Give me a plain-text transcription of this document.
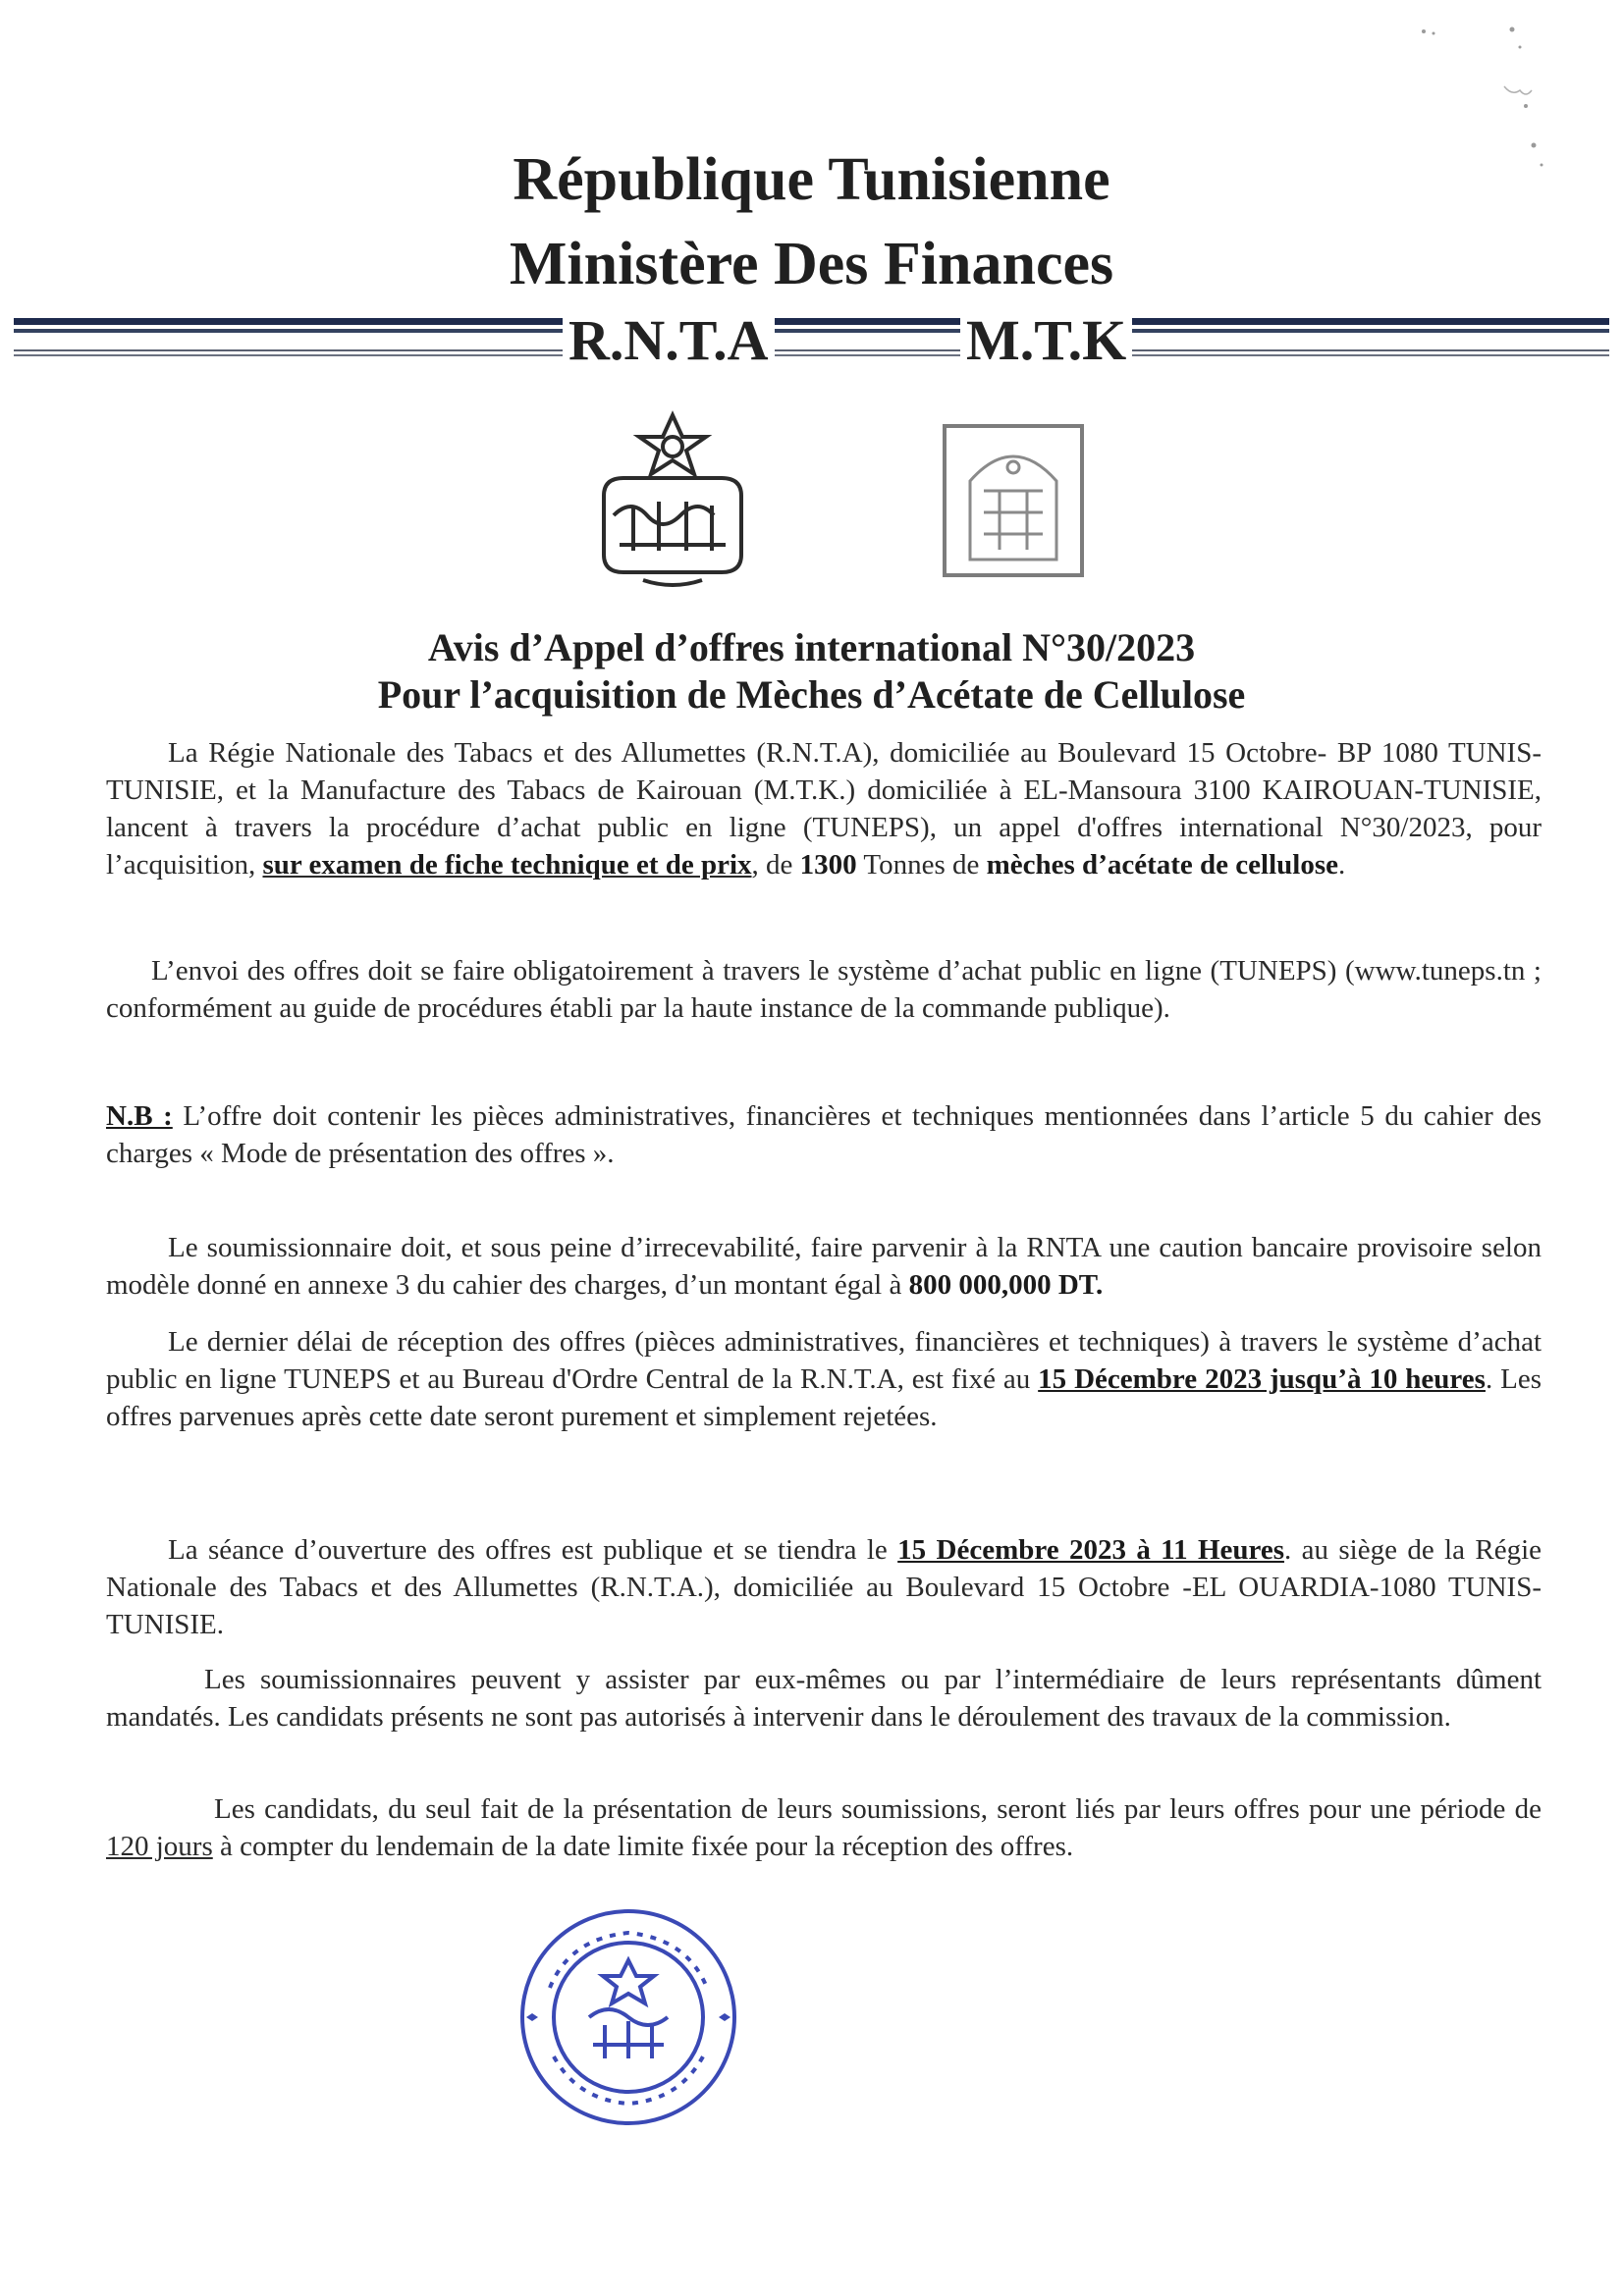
République Tunisienne
Ministère Des Finances
R.N.T.A	M.T.K
Avis d’Appel d’offres international N°30/2023
Pour l’acquisition de Mèches d’Acétate de Cellulose
La Régie Nationale des Tabacs et des Allumettes (R.N.T.A), domiciliée au Boulevard 15 Octobre- BP 1080 TUNIS-TUNISIE, et la Manufacture des Tabacs de Kairouan (M.T.K.) domiciliée à EL-Mansoura 3100 KAIROUAN-TUNISIE, lancent à travers la procédure d’achat public en ligne (TUNEPS), un appel d'offres international N°30/2023, pour l’acquisition, sur examen de fiche technique et de prix, de 1300 Tonnes de mèches d’acétate de cellulose.
L’envoi des offres doit se faire obligatoirement à travers le système d’achat public en ligne (TUNEPS) (www.tuneps.tn ; conformément au guide de procédures établi par la haute instance de la commande publique).
N.B : L’offre doit contenir les pièces administratives, financières et techniques mentionnées dans l’article 5 du cahier des charges « Mode de présentation des offres ».
Le soumissionnaire doit, et sous peine d’irrecevabilité, faire parvenir à la RNTA une caution bancaire provisoire selon modèle donné en annexe 3 du cahier des charges, d’un montant égal à 800 000,000 DT.
Le dernier délai de réception des offres (pièces administratives, financières et techniques) à travers le système d’achat public en ligne TUNEPS et au Bureau d'Ordre Central de la R.N.T.A, est fixé au 15 Décembre 2023 jusqu’à 10 heures. Les offres parvenues après cette date seront purement et simplement rejetées.
La séance d’ouverture des offres est publique et se tiendra le 15 Décembre 2023 à 11 Heures. au siège de la Régie Nationale des Tabacs et des Allumettes (R.N.T.A.), domiciliée au Boulevard 15 Octobre -EL OUARDIA-1080 TUNIS-TUNISIE.
Les soumissionnaires peuvent y assister par eux-mêmes ou par l’intermédiaire de leurs représentants dûment mandatés. Les candidats présents ne sont pas autorisés à intervenir dans le déroulement des travaux de la commission.
Les candidats, du seul fait de la présentation de leurs soumissions, seront liés par leurs offres pour une période de 120 jours à compter du lendemain de la date limite fixée pour la réception des offres.
